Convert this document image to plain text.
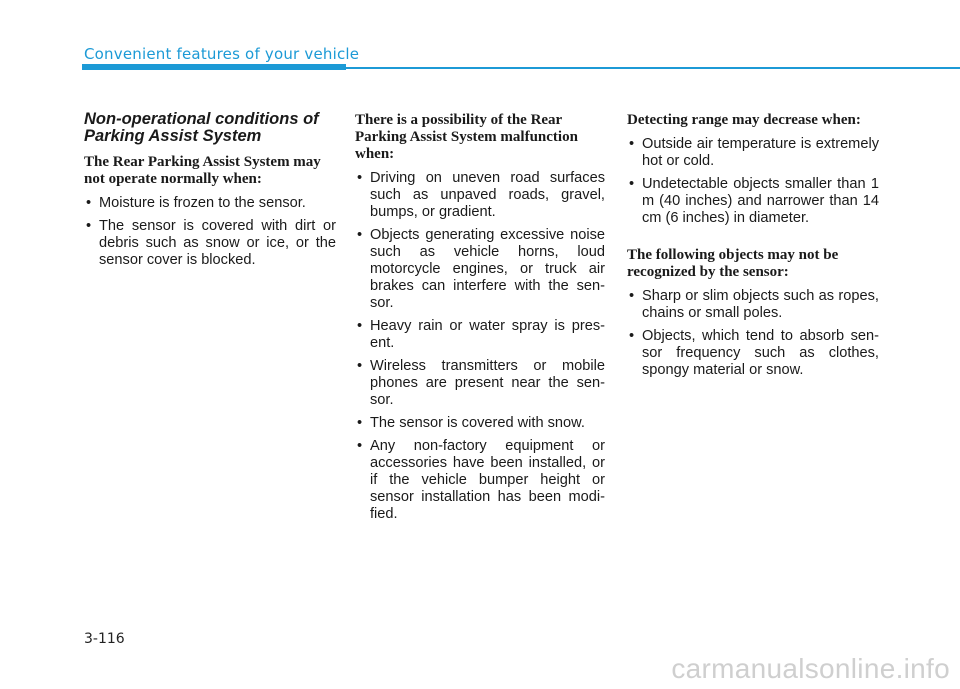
Convenient features of your vehicle
Non-operational conditions of Parking Assist System
The Rear Parking Assist System may not operate normally when:
• Moisture is frozen to the sensor.
• The sensor is covered with dirt or debris such as snow or ice, or the sensor cover is blocked.
There is a possibility of the Rear Parking Assist System malfunction when:
• Driving on uneven road surfaces such as unpaved roads, gravel, bumps, or gradient.
• Objects generating excessive noise such as vehicle horns, loud motorcycle engines, or truck air brakes can interfere with the sen-sor.
• Heavy rain or water spray is pres-ent.
• Wireless transmitters or mobile phones are present near the sen-sor.
• The sensor is covered with snow.
• Any non-factory equipment or accessories have been installed, or if the vehicle bumper height or sensor installation has been modi-fied.
Detecting range may decrease when:
• Outside air temperature is extremely hot or cold.
• Undetectable objects smaller than 1 m (40 inches) and narrower than 14 cm (6 inches) in diameter.
The following objects may not be recognized by the sensor:
• Sharp or slim objects such as ropes, chains or small poles.
• Objects, which tend to absorb sen-sor frequency such as clothes, spongy material or snow.
3-116
carmanualsonline.info
